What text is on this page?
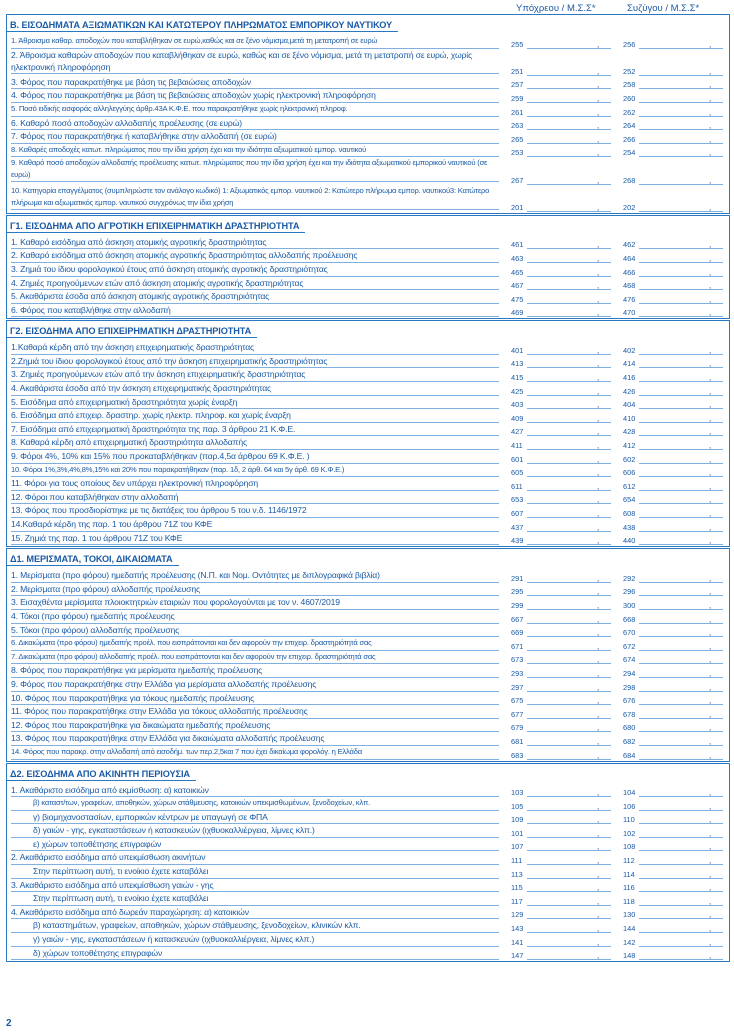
Υπόχρεου / Μ.Σ.Σ*	Συζύγου / Μ.Σ.Σ*
Β. ΕΙΣΟΔΗΜΑΤΑ ΑΞΙΩΜΑΤΙΚΩΝ ΚΑΙ ΚΑΤΩΤΕΡΟΥ ΠΛΗΡΩΜΑΤΟΣ ΕΜΠΟΡΙΚΟΥ ΝΑΥΤΙΚΟΥ
1. Άθροισμα καθαρ. αποδοχών που καταβλήθηκαν σε ευρώ,καθώς και σε ξένο νόμισμα,μετά τη μετατροπή σε ευρώ	255	,	256	,
2. Άθροισμα καθαρών αποδοχών που καταβλήθηκαν σε ευρώ, καθώς και σε ξένο νόμισμα, μετά τη μετατροπή σε ευρώ, χωρίς ηλεκτρονική πληροφόρηση	251	,	252	,
3. Φόρος που παρακρατήθηκε με βάση τις βεβαιώσεις αποδοχών	257	,	258	,
4. Φόρος που παρακρατήθηκε με βάση τις βεβαιώσεις αποδοχών χωρίς ηλεκτρονική πληροφόρηση	259	,	260	,
5. Ποσό ειδικής εισφοράς αλληλεγγύης άρθρ.43Α Κ.Φ.Ε. που παρακρατήθηκε χωρίς ηλεκτρονική πληροφ.	261	,	262	,
6. Καθαρό ποσό αποδοχών αλλοδαπής προέλευσης (σε ευρώ)	263	,	264	,
7. Φόρος που παρακρατήθηκε ή καταβλήθηκε στην αλλοδαπή (σε ευρώ)	265	,	266	,
8. Καθαρές αποδοχές κατωτ. πληρώματος που την ίδια χρήση έχει και την ιδιότητα αξιωματικού εμπορ. ναυτικού	253	,	254	,
9. Καθαρό ποσό αποδοχών αλλοδαπής προέλευσης κατωτ. πληρώματος που την ίδια χρήση έχει και την ιδιότητα αξιωματικού εμπορικού ναυτικού (σε ευρώ)
267	,	268	,
10. Κατηγορία επαγγέλματος (συμπληρώστε τον ανάλογο κωδικό) 1: Αξιωματικός εμπορ. ναυτικού 2: Κατώτερο πλήρωμα εμπορ. ναυτικού3: Κατώτερο πλήρωμα και αξιωματικός εμπορ. ναυτικού συγχρόνως την ίδια χρήση
201	,	202	,
Γ1. ΕΙΣΟΔΗΜΑ ΑΠΟ ΑΓΡΟΤΙΚΗ ΕΠΙΧΕΙΡΗΜΑΤΙΚΗ ΔΡΑΣΤΗΡΙΟΤΗΤΑ
1. Καθαρό εισόδημα από άσκηση ατομικής αγροτικής δραστηριότητας	461	,	462	,
2. Καθαρό εισόδημα από άσκηση ατομικής αγροτικής δραστηριότητας αλλοδαπής προέλευσης	463	,	464	,
3. Ζημιά του ίδιου φορολογικού έτους από άσκηση ατομικής αγροτικής δραστηριότητας	465	,	466	,
4. Ζημιές προηγούμενων ετών από άσκηση ατομικής αγροτικής δραστηριότητας	467	,	468	,
5. Ακαθάριστα έσοδα από άσκηση ατομικής αγροτικής δραστηριότητας	475	,	476	,
6. Φόρος που καταβλήθηκε στην αλλοδαπή	469	,	470	,
Γ2. ΕΙΣΟΔΗΜΑ ΑΠΟ ΕΠΙΧΕΙΡΗΜΑΤΙΚΗ ΔΡΑΣΤΗΡΙΟΤΗΤΑ
1.Καθαρά κέρδη από την άσκηση επιχειρηματικής δραστηριότητας	401	,	402	,
2.Ζημιά του ίδιου φορολογικού έτους από την άσκηση επιχειρηματικής δραστηριότητας	413	,	414	,
3. Ζημιές προηγούμενων ετών από την άσκηση επιχειρηματικής δραστηριότητας	415	,	416	,
4. Ακαθάριστα έσοδα από την άσκηση επιχειρηματικής δραστηριότητας	425	,	426	,
5. Εισόδημα από επιχειρηματική δραστηριότητα χωρίς έναρξη	403	,	404	,
6. Εισόδημα από επιχειρ. δραστηρ. χωρίς ηλεκτρ. πληροφ. και χωρίς έναρξη	409	,	410	,
7. Εισόδημα από επιχειρηματική δραστηριότητα της παρ. 3 άρθρου 21 Κ.Φ.Ε.	427	,	428	,
8. Καθαρά κέρδη από επιχειρηματική δραστηριότητα αλλοδαπής	411	,	412	,
9. Φόροι 4%, 10% και 15% που προκαταβλήθηκαν (παρ.4,5α άρθρου 69 Κ.Φ.Ε. )	601	,	602	,
10. Φόροι 1%,3%,4%,8%,15% και 20% που παρακρατήθηκαν (παρ. 1δ, 2 άρθ. 64 και 5γ άρθ. 69 Κ.Φ.Ε.)	605	,	606	,
11. Φόροι για τους οποίους δεν υπάρχει ηλεκτρονική πληροφόρηση	611	,	612	,
12. Φόροι που καταβλήθηκαν στην αλλοδαπή	653	,	654	,
13. Φόρος που προσδιορίστηκε με τις διατάξεις του άρθρου 5 του ν.δ. 1146/1972	607	,	608	,
14.Καθαρά κέρδη της παρ. 1 του άρθρου 71Ζ του ΚΦΕ	437	,	438	,
15. Ζημιά της παρ. 1 του άρθρου 71Ζ του ΚΦΕ	439	,	440	,
Δ1. ΜΕΡΙΣΜΑΤΑ, ΤΟΚΟΙ, ΔΙΚΑΙΩΜΑΤΑ
1. Μερίσματα (προ φόρου) ημεδαπής προέλευσης (Ν.Π. και Νομ. Οντότητες με διπλογραφικά βιβλία)	291	,	292	,
2. Μερίσματα (προ φόρου) αλλοδαπής προέλευσης	295	,	296	,
3. Εισαχθέντα μερίσματα πλοιοκτητριών εταιριών που φορολογούνται με τον ν. 4607/2019	299	,	300	,
4. Τόκοι (προ φόρου) ημεδαπής προέλευσης	667	,	668	,
5. Τόκοι (προ φόρου) αλλοδαπής προέλευσης	669	,	670	,
6. Δικαιώματα (προ φόρου) ημεδαπής προέλ. που εισπράττονται και δεν αφορούν την επιχειρ. δραστηριότητά σας	671	,	672	,
7. Δικαιώματα (προ φόρου) αλλοδαπής προέλ. που εισπράττονται και δεν αφορούν την επιχειρ. δραστηριότητά σας	673	,	674	,
8. Φόρος που παρακρατήθηκε για μερίσματα ημεδαπής προέλευσης	293	,	294	,
9. Φόρος που παρακρατήθηκε στην Ελλάδα για μερίσματα αλλοδαπής προέλευσης	297	,	298	,
10. Φόρος που παρακρατήθηκε για τόκους ημεδαπής προέλευσης	675	,	676	,
11. Φόρος που παρακρατήθηκε στην Ελλάδα για τόκους αλλοδαπής προέλευσης	677	,	678	,
12. Φόρος που παρακρατήθηκε για δικαιώματα ημεδαπής προέλευσης	679	,	680	,
13. Φόρος που παρακρατήθηκε στην Ελλάδα για δικαιώματα αλλοδαπής προέλευσης	681	,	682	,
14. Φόρος που παρακρ. στην αλλοδαπή από εισοδήμ. των περ.2,5και 7 που έχει δικαίωμα φορολόγ. η Ελλάδα	683	,	684	,
Δ2. ΕΙΣΟΔΗΜΑ ΑΠΟ ΑΚΙΝΗΤΗ ΠΕΡΙΟΥΣΙΑ
1. Ακαθάριστο εισόδημα από εκμίσθωση: α) κατοικιών	103	,	104	,
β) καταστ/των, γραφείων, αποθηκών, χώρων στάθμευσης, κατοικιών υπεκμισθωμένων, ξενοδοχείων, κλπ.	105	,	106	,
γ) βιομηχανοστασίων, εμπορικών κέντρων με υπαγωγή σε ΦΠΑ	109	,	110	,
δ) γαιών - γης, εγκαταστάσεων ή κατασκευών (ιχθυοκαλλιέργεια, λίμνες κλπ.)	101	,	102	,
ε) χώρων τοποθέτησης επιγραφών	107	,	108	,
2. Ακαθάριστο εισόδημα από υπεκμίσθωση ακινήτων	111	,	112	,
Στην περίπτωση αυτή, τι ενοίκιο έχετε καταβάλει	113	,	114	,
3. Ακαθάριστο εισόδημα από υπεκμίσθωση γαιών - γης	115	,	116	,
Στην περίπτωση αυτή, τι ενοίκιο έχετε καταβάλει	117	,	118	,
4. Ακαθάριστο εισόδημα από δωρεάν παραχώρηση: α) κατοικιών	129	,	130	,
β) καταστημάτων, γραφείων, αποθηκών, χώρων στάθμευσης, ξενοδοχείων, κλινικών κλπ.	143	,	144	,
γ) γαιών - γης, εγκαταστάσεων ή κατασκευών (ιχθυοκαλλιέργεια, λίμνες κλπ.)	141	,	142	,
δ) χώρων τοποθέτησης επιγραφών	147	,	148	,
2
